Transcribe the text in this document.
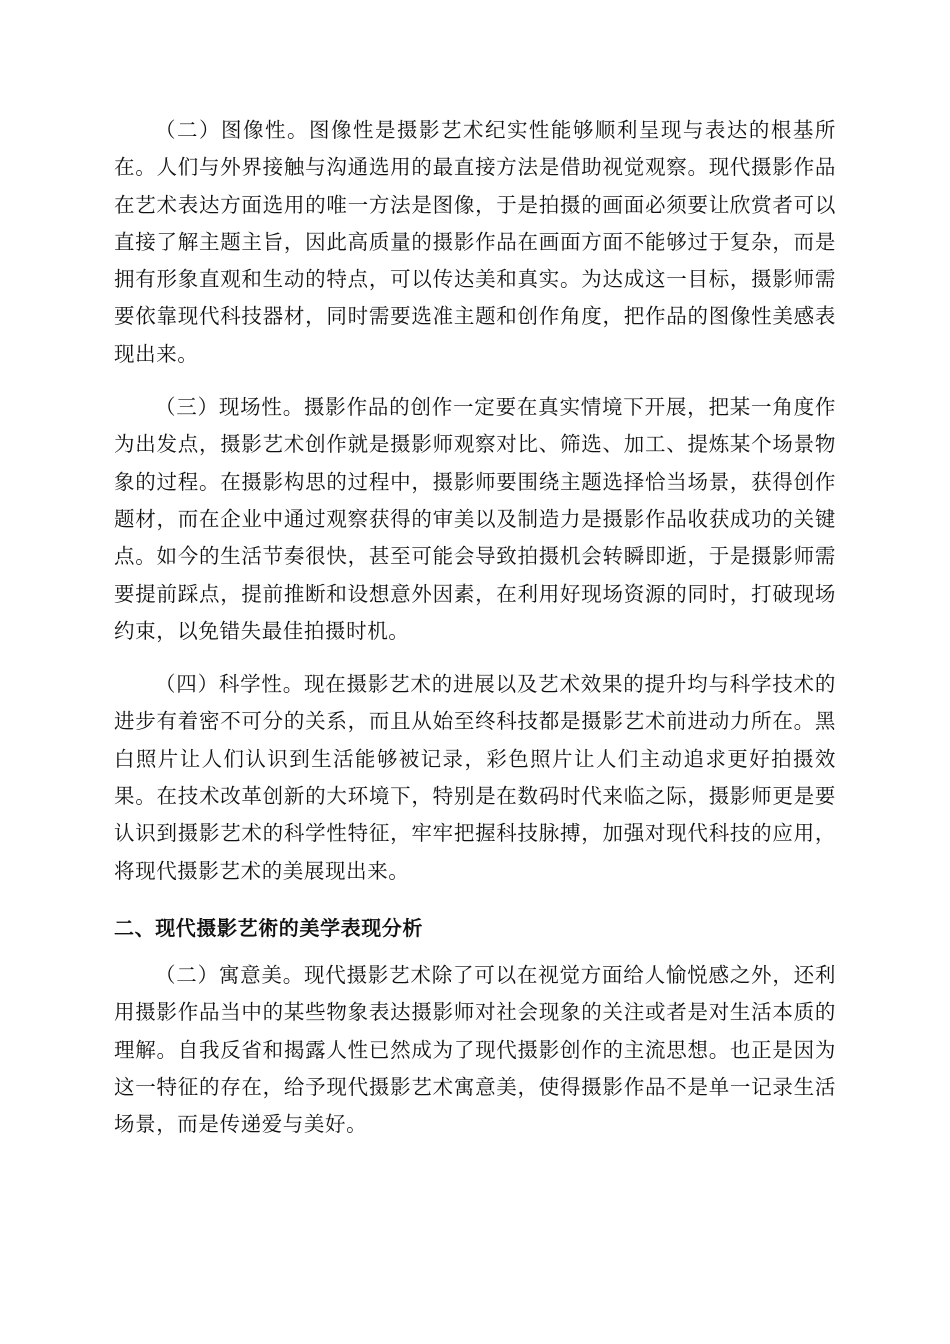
（二）图像性。图像性是摄影艺术纪实性能够顺利呈现与表达的根基所在。人们与外界接触与沟通选用的最直接方法是借助视觉观察。现代摄影作品在艺术表达方面选用的唯一方法是图像，于是拍摄的画面必须要让欣赏者可以直接了解主题主旨，因此高质量的摄影作品在画面方面不能够过于复杂，而是拥有形象直观和生动的特点，可以传达美和真实。为达成这一目标，摄影师需要依靠现代科技器材，同时需要选准主题和创作角度，把作品的图像性美感表现出来。

（三）现场性。摄影作品的创作一定要在真实情境下开展，把某一角度作为出发点，摄影艺术创作就是摄影师观察对比、筛选、加工、提炼某个场景物象的过程。在摄影构思的过程中，摄影师要围绕主题选择恰当场景，获得创作题材，而在企业中通过观察获得的审美以及制造力是摄影作品收获成功的关键点。如今的生活节奏很快，甚至可能会导致拍摄机会转瞬即逝，于是摄影师需要提前踩点，提前推断和设想意外因素，在利用好现场资源的同时，打破现场约束，以免错失最佳拍摄时机。

（四）科学性。现在摄影艺术的进展以及艺术效果的提升均与科学技术的进步有着密不可分的关系，而且从始至终科技都是摄影艺术前进动力所在。黑白照片让人们认识到生活能够被记录，彩色照片让人们主动追求更好拍摄效果。在技术改革创新的大环境下，特别是在数码时代来临之际，摄影师更是要认识到摄影艺术的科学性特征，牢牢把握科技脉搏，加强对现代科技的应用，将现代摄影艺术的美展现出来。

二、现代摄影艺術的美学表现分析

（二）寓意美。现代摄影艺术除了可以在视觉方面给人愉悦感之外，还利用摄影作品当中的某些物象表达摄影师对社会现象的关注或者是对生活本质的理解。自我反省和揭露人性已然成为了现代摄影创作的主流思想。也正是因为这一特征的存在，给予现代摄影艺术寓意美，使得摄影作品不是单一记录生活场景，而是传递爱与美好。
